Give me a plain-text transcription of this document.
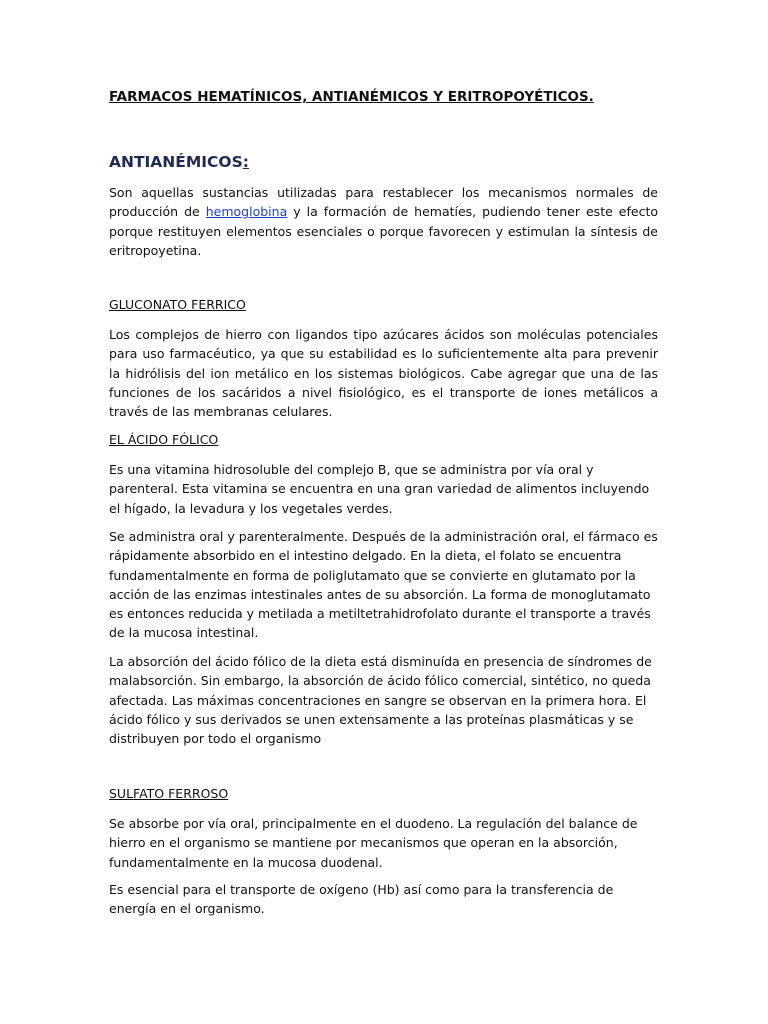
FARMACOS HEMATÍNICOS, ANTIANÉMICOS Y ERITROPOYÉTICOS.
ANTIANÉMICOS:
Son aquellas sustancias utilizadas para restablecer los mecanismos normales de producción de hemoglobina y la formación de hematíes, pudiendo tener este efecto porque restituyen elementos esenciales o porque favorecen y estimulan la síntesis de eritropoyetina.
GLUCONATO FERRICO
Los complejos de hierro con ligandos tipo azúcares ácidos son moléculas potenciales para uso farmacéutico, ya que su estabilidad es lo suficientemente alta para prevenir la hidrólisis del ion metálico en los sistemas biológicos. Cabe agregar que una de las funciones de los sacáridos a nivel fisiológico, es el transporte de iones metálicos a través de las membranas celulares.
EL ÁCIDO FÓLICO
Es una vitamina hidrosoluble del complejo B, que se administra por vía oral y parenteral. Esta vitamina se encuentra en una gran variedad de alimentos incluyendo el hígado, la levadura y los vegetales verdes.
Se administra oral y parenteralmente. Después de la administración oral, el fármaco es rápidamente absorbido en el intestino delgado. En la dieta, el folato se encuentra fundamentalmente en forma de poliglutamato que se convierte en glutamato por la acción de las enzimas intestinales antes de su absorción. La forma de monoglutamato es entonces reducida y metilada a metiltetrahidrofolato durante el transporte a través de la mucosa intestinal.
La absorción del ácido fólico de la dieta está disminuída en presencia de síndromes de malabsorción. Sin embargo, la absorción de ácido fólico comercial, sintético, no queda afectada. Las máximas concentraciones en sangre se observan en la primera hora. El ácido fólico y sus derivados se unen extensamente a las proteínas plasmáticas y se distribuyen por todo el organismo
SULFATO FERROSO
Se absorbe por vía oral, principalmente en el duodeno. La regulación del balance de hierro en el organismo se mantiene por mecanismos que operan en la absorción, fundamentalmente en la mucosa duodenal.
Es esencial para el transporte de oxígeno (Hb) así como para la transferencia de energía en el organismo.
